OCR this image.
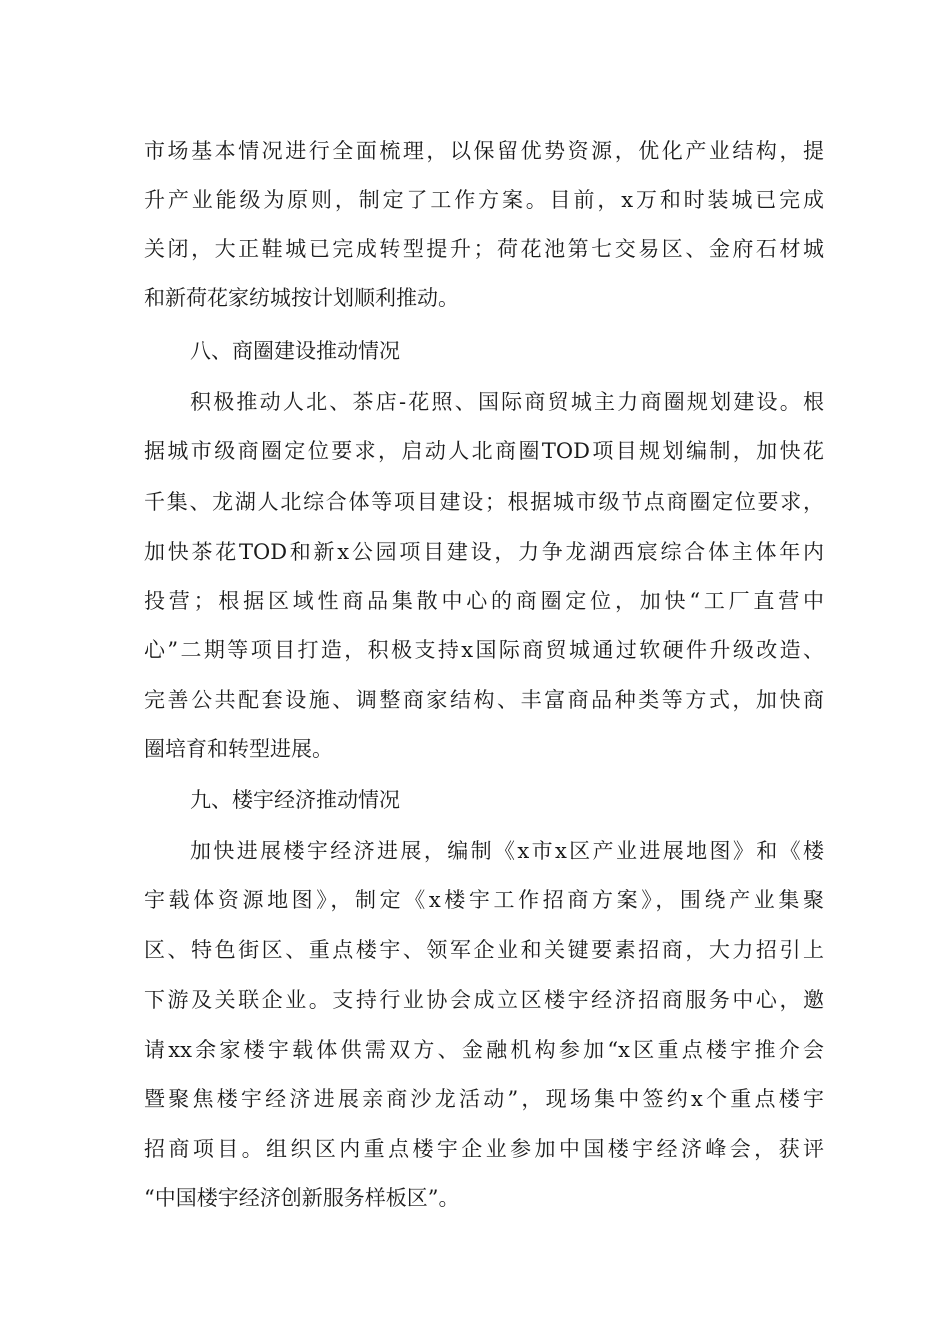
市场基本情况进行全面梳理，以保留优势资源，优化产业结构，提
升产业能级为原则，制定了工作方案。目前，x万和时装城已完成
关闭，大正鞋城已完成转型提升；荷花池第七交易区、金府石材城
和新荷花家纺城按计划顺利推动。
八、商圈建设推动情况
积极推动人北、茶店-花照、国际商贸城主力商圈规划建设。根
据城市级商圈定位要求，启动人北商圈TOD项目规划编制，加快花
千集、龙湖人北综合体等项目建设；根据城市级节点商圈定位要求，
加快茶花TOD和新x公园项目建设，力争龙湖西宸综合体主体年内
投营；根据区域性商品集散中心的商圈定位，加快“工厂直营中
心”二期等项目打造，积极支持x国际商贸城通过软硬件升级改造、
完善公共配套设施、调整商家结构、丰富商品种类等方式，加快商
圈培育和转型进展。
九、楼宇经济推动情况
加快进展楼宇经济进展，编制《x市x区产业进展地图》和《楼
宇载体资源地图》，制定《x楼宇工作招商方案》，围绕产业集聚
区、特色街区、重点楼宇、领军企业和关键要素招商，大力招引上
下游及关联企业。支持行业协会成立区楼宇经济招商服务中心，邀
请xx余家楼宇载体供需双方、金融机构参加“x区重点楼宇推介会
暨聚焦楼宇经济进展亲商沙龙活动”，现场集中签约x个重点楼宇
招商项目。组织区内重点楼宇企业参加中国楼宇经济峰会，获评
“中国楼宇经济创新服务样板区”。
